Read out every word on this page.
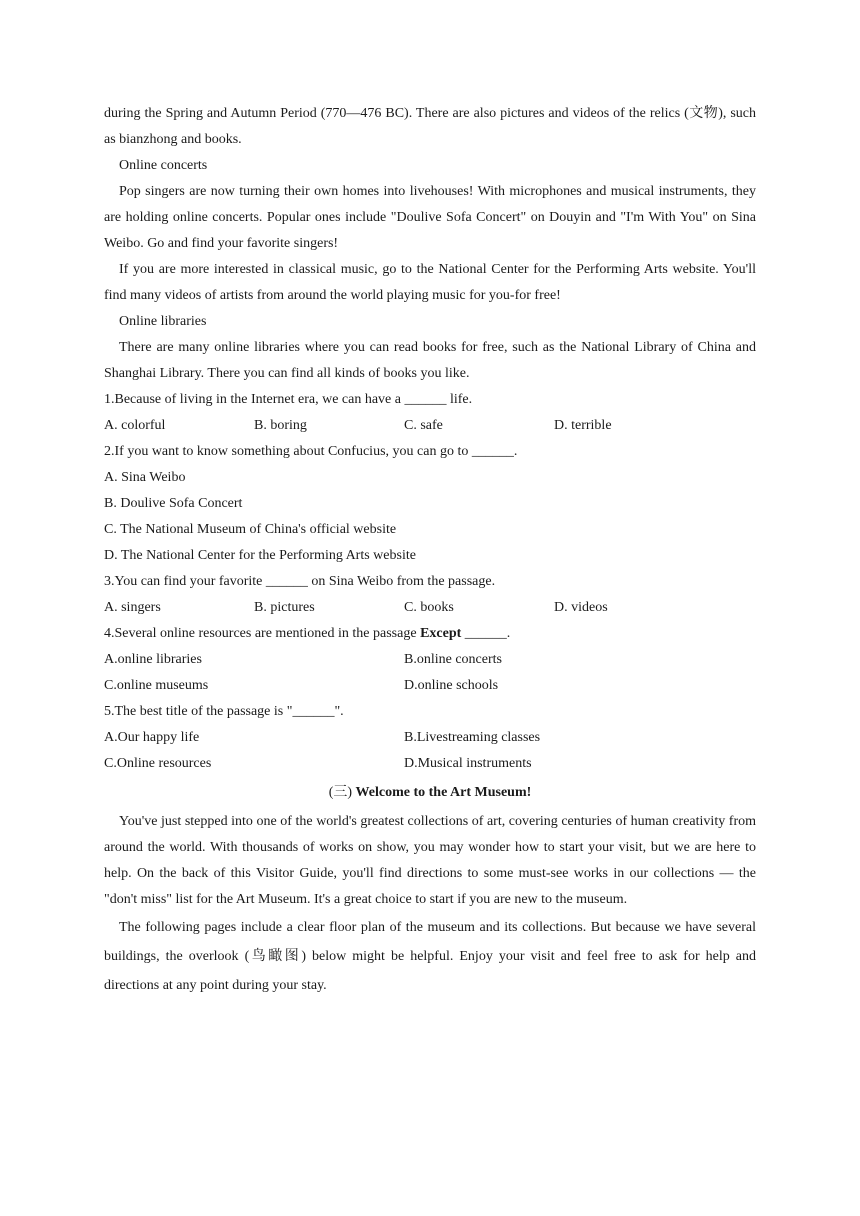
during the Spring and Autumn Period (770—476 BC). There are also pictures and videos of the relics (文物), such as bianzhong and books.

Online concerts

Pop singers are now turning their own homes into livehouses! With microphones and musical instruments, they are holding online concerts. Popular ones include "Doulive Sofa Concert" on Douyin and "I'm With You" on Sina Weibo. Go and find your favorite singers!

If you are more interested in classical music, go to the National Center for the Performing Arts website. You'll find many videos of artists from around the world playing music for you-for free!

Online libraries

There are many online libraries where you can read books for free, such as the National Library of China and Shanghai Library. There you can find all kinds of books you like.

1.Because of living in the Internet era, we can have a ______ life.

A. colorful	B. boring	C. safe	D. terrible

2.If you want to know something about Confucius, you can go to ______.

A. Sina Weibo

B. Doulive Sofa Concert

C. The National Museum of China's official website

D. The National Center for the Performing Arts website

3.You can find your favorite ______ on Sina Weibo from the passage.

A. singers	B. pictures	C. books	D. videos

4.Several online resources are mentioned in the passage Except ______.

A.online libraries	B.online concerts
C.online museums	D.online schools

5.The best title of the passage is "______".

A.Our happy life	B.Livestreaming classes
C.Online resources	D.Musical instruments
(三) Welcome to the Art Museum!

You've just stepped into one of the world's greatest collections of art, covering centuries of human creativity from around the world. With thousands of works on show, you may wonder how to start your visit, but we are here to help. On the back of this Visitor Guide, you'll find directions to some must-see works in our collections — the "don't miss" list for the Art Museum. It's a great choice to start if you are new to the museum.

The following pages include a clear floor plan of the museum and its collections. But because we have several buildings, the overlook (鸟瞰图) below might be helpful. Enjoy your visit and feel free to ask for help and directions at any point during your stay.
